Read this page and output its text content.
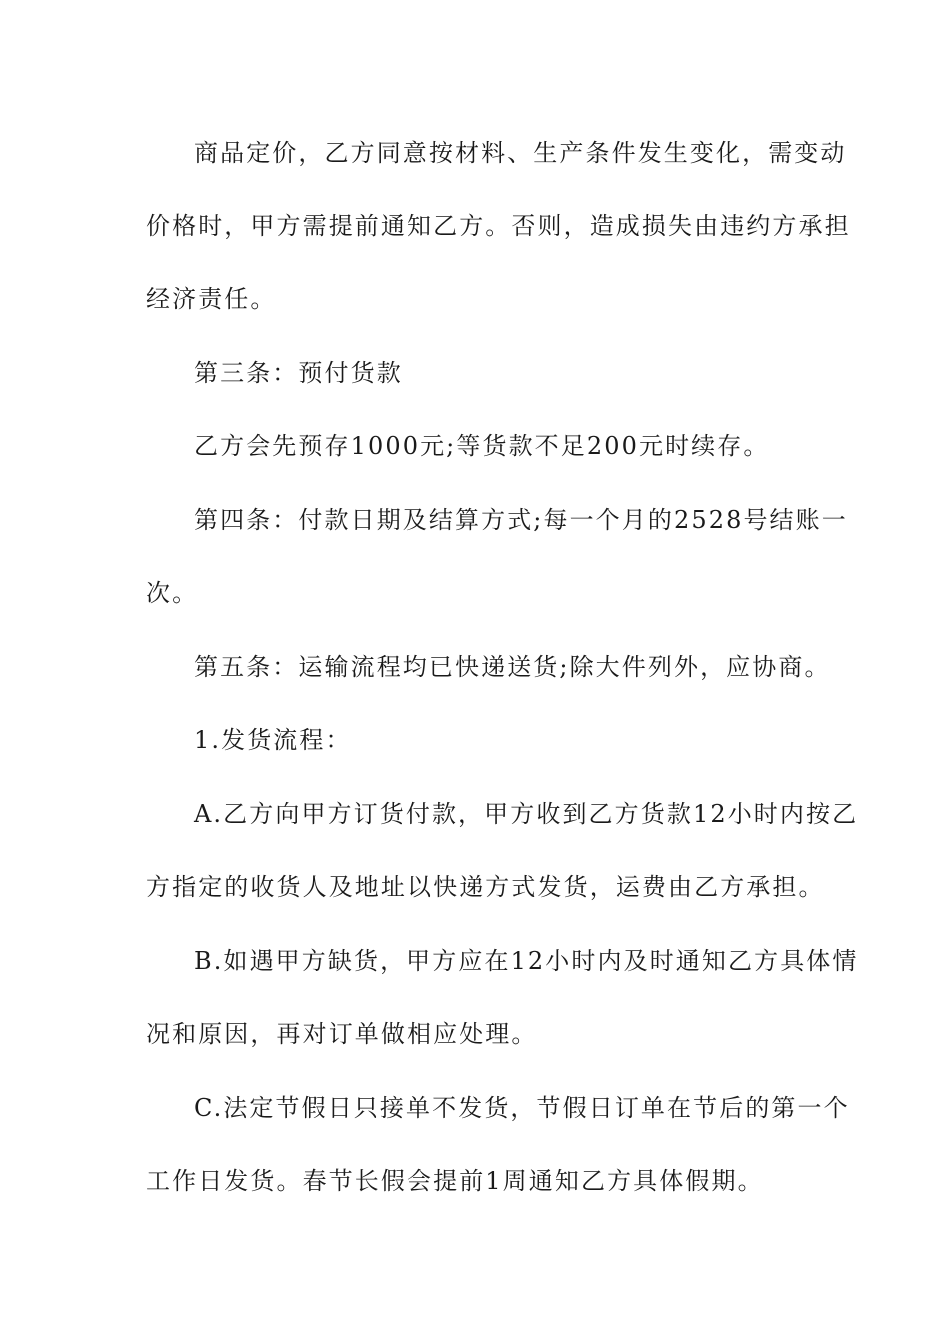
商品定价，乙方同意按材料、生产条件发生变化，需变动
价格时，甲方需提前通知乙方。否则，造成损失由违约方承担
经济责任。
第三条：预付货款
乙方会先预存1000元;等货款不足200元时续存。
第四条：付款日期及结算方式;每一个月的2528号结账一
次。
第五条：运输流程均已快递送货;除大件列外，应协商。
1.发货流程：
A.乙方向甲方订货付款，甲方收到乙方货款12小时内按乙
方指定的收货人及地址以快递方式发货，运费由乙方承担。
B.如遇甲方缺货，甲方应在12小时内及时通知乙方具体情
况和原因，再对订单做相应处理。
C.法定节假日只接单不发货，节假日订单在节后的第一个
工作日发货。春节长假会提前1周通知乙方具体假期。
